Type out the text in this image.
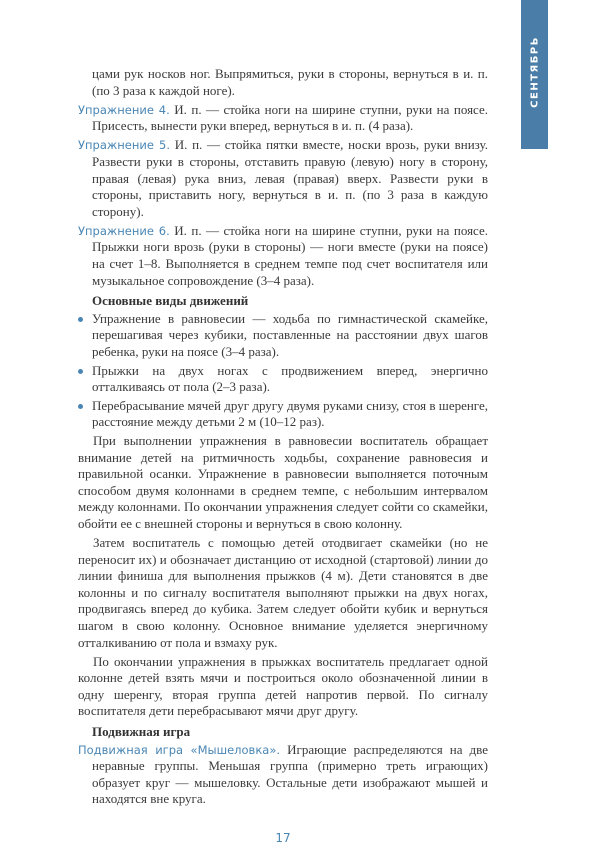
СЕНТЯБРЬ

цами рук носков ног. Выпрямиться, руки в стороны, вернуться в и. п. (по 3 раза к каждой ноге).

Упражнение 4. И. п. — стойка ноги на ширине ступни, руки на поясе. Присесть, вынести руки вперед, вернуться в и. п. (4 раза).

Упражнение 5. И. п. — стойка пятки вместе, носки врозь, руки внизу. Развести руки в стороны, отставить правую (левую) ногу в сторону, правая (левая) рука вниз, левая (правая) вверх. Развести руки в стороны, приставить ногу, вернуться в и. п. (по 3 раза в каждую сторону).

Упражнение 6. И. п. — стойка ноги на ширине ступни, руки на поясе. Прыжки ноги врозь (руки в стороны) — ноги вместе (руки на поясе) на счет 1–8. Выполняется в среднем темпе под счет воспитателя или музыкальное сопровождение (3–4 раза).

Основные виды движений
Упражнение в равновесии — ходьба по гимнастической скамейке, перешагивая через кубики, поставленные на расстоянии двух шагов ребенка, руки на поясе (3–4 раза).
Прыжки на двух ногах с продвижением вперед, энергично отталкиваясь от пола (2–3 раза).
Перебрасывание мячей друг другу двумя руками снизу, стоя в шеренге, расстояние между детьми 2 м (10–12 раз).

При выполнении упражнения в равновесии воспитатель обращает внимание детей на ритмичность ходьбы, сохранение равновесия и правильной осанки. Упражнение в равновесии выполняется поточным способом двумя колоннами в среднем темпе, с небольшим интервалом между колоннами. По окончании упражнения следует сойти со скамейки, обойти ее с внешней стороны и вернуться в свою колонну.

Затем воспитатель с помощью детей отодвигает скамейки (но не переносит их) и обозначает дистанцию от исходной (стартовой) линии до линии финиша для выполнения прыжков (4 м). Дети становятся в две колонны и по сигналу воспитателя выполняют прыжки на двух ногах, продвигаясь вперед до кубика. Затем следует обойти кубик и вернуться шагом в свою колонну. Основное внимание уделяется энергичному отталкиванию от пола и взмаху рук.

По окончании упражнения в прыжках воспитатель предлагает одной колонне детей взять мячи и построиться около обозначенной линии в одну шеренгу, вторая группа детей напротив первой. По сигналу воспитателя дети перебрасывают мячи друг другу.

Подвижная игра

Подвижная игра «Мышеловка». Играющие распределяются на две неравные группы. Меньшая группа (примерно треть играющих) образует круг — мышеловку. Остальные дети изображают мышей и находятся вне круга.

17
